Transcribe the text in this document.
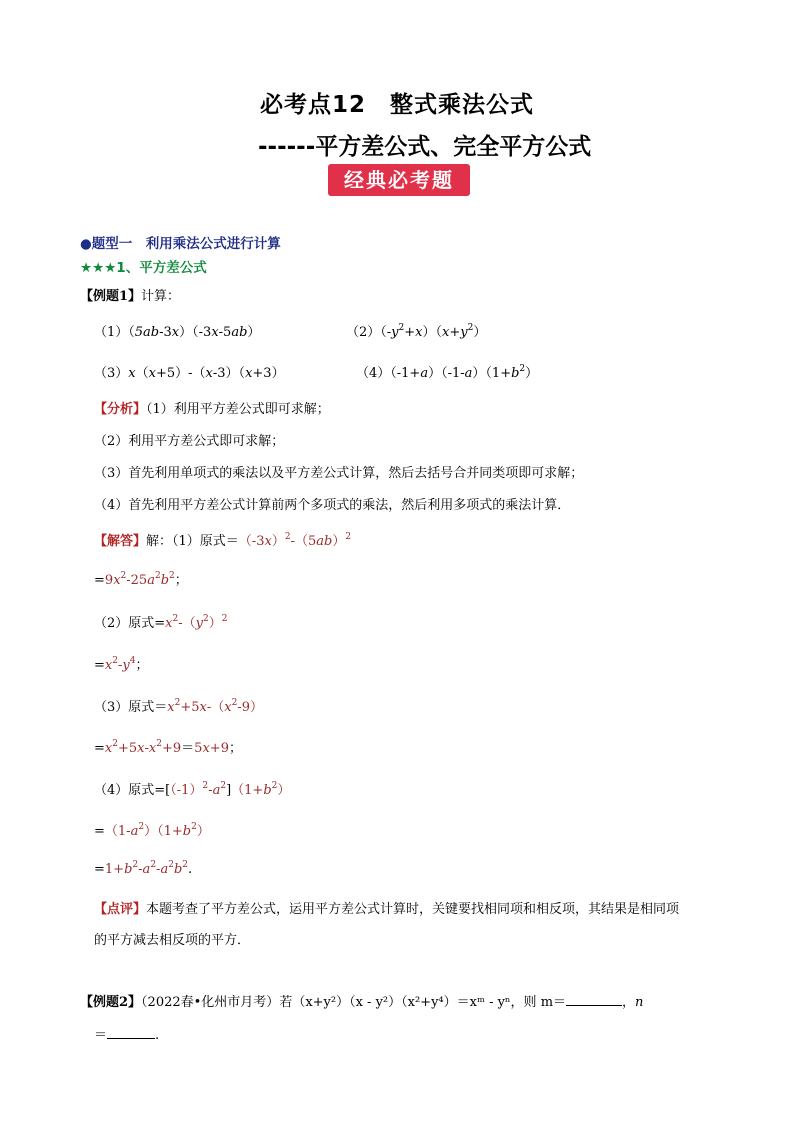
必考点12　整式乘法公式
------平方差公式、完全平方公式
经典必考题
●题型一　利用乘法公式进行计算
★★★1、平方差公式
【例题1】计算：
（1）（5ab-3x）（-3x-5ab）	$(2)(-y^2+x)(x+y^2)$
（3）x（x+5）-（x-3）（x+3）	$(4)(-1+a)(-1-a)(1+b^2)$
【分析】（1）利用平方差公式即可求解；
（2）利用平方差公式即可求解；
（3）首先利用单项式的乘法以及平方差公式计算，然后去括号合并同类项即可求解；
（4）首先利用平方差公式计算前两个多项式的乘法，然后利用多项式的乘法计算．
【解答】解：（1）原式$=(-3x)^2-(5ab)^2$
$=9x^2-25a^2b^2$；
（2）原式$=x^2-(y^2)^2$
$=x^2-y^4$；
（3）原式$=x^2+5x-(x^2-9)$
$=x^2+5x-x^2+9=5x+9$；
（4）原式$=[(-1)^2-a^2](1+b^2)$
$=(1-a^2)(1+b^2)$
$=1+b^2-a^2-a^2b^2$.
【点评】本题考查了平方差公式，运用平方差公式计算时，关键要找相同项和相反项，其结果是相同项
的平方减去相反项的平方．
【例题2】（2022春•化州市月考）若（x+y²）（x - y²）（x²+y⁴）＝xᵐ - yⁿ，则 m＝	，n
＝	.
